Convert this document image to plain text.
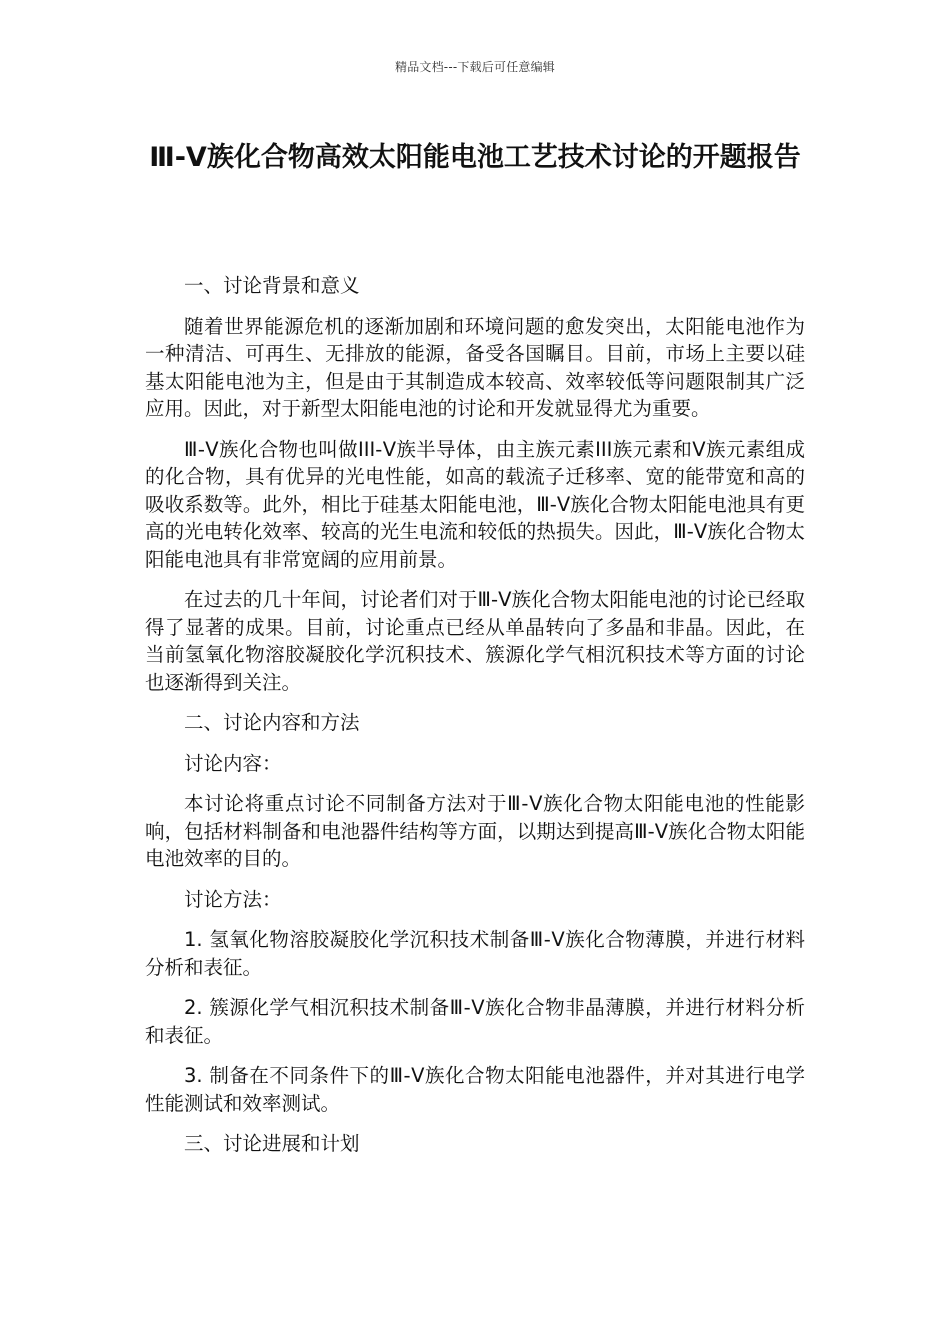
精品文档---下载后可任意编辑
Ⅲ-Ⅴ族化合物高效太阳能电池工艺技术讨论的开题报告

一、讨论背景和意义

随着世界能源危机的逐渐加剧和环境问题的愈发突出，太阳能电池作为一种清洁、可再生、无排放的能源，备受各国瞩目。目前，市场上主要以硅基太阳能电池为主，但是由于其制造成本较高、效率较低等问题限制其广泛应用。因此，对于新型太阳能电池的讨论和开发就显得尤为重要。

Ⅲ-Ⅴ族化合物也叫做III-Ⅴ族半导体，由主族元素III族元素和Ⅴ族元素组成的化合物，具有优异的光电性能，如高的载流子迁移率、宽的能带宽和高的吸收系数等。此外，相比于硅基太阳能电池，Ⅲ-Ⅴ族化合物太阳能电池具有更高的光电转化效率、较高的光生电流和较低的热损失。因此，Ⅲ-Ⅴ族化合物太阳能电池具有非常宽阔的应用前景。

在过去的几十年间，讨论者们对于Ⅲ-Ⅴ族化合物太阳能电池的讨论已经取得了显著的成果。目前，讨论重点已经从单晶转向了多晶和非晶。因此，在当前氢氧化物溶胶凝胶化学沉积技术、簇源化学气相沉积技术等方面的讨论也逐渐得到关注。

二、讨论内容和方法

讨论内容：

本讨论将重点讨论不同制备方法对于Ⅲ-Ⅴ族化合物太阳能电池的性能影响，包括材料制备和电池器件结构等方面，以期达到提高Ⅲ-Ⅴ族化合物太阳能电池效率的目的。

讨论方法：

1. 氢氧化物溶胶凝胶化学沉积技术制备Ⅲ-Ⅴ族化合物薄膜，并进行材料分析和表征。

2. 簇源化学气相沉积技术制备Ⅲ-Ⅴ族化合物非晶薄膜，并进行材料分析和表征。

3. 制备在不同条件下的Ⅲ-Ⅴ族化合物太阳能电池器件，并对其进行电学性能测试和效率测试。

三、讨论进展和计划
